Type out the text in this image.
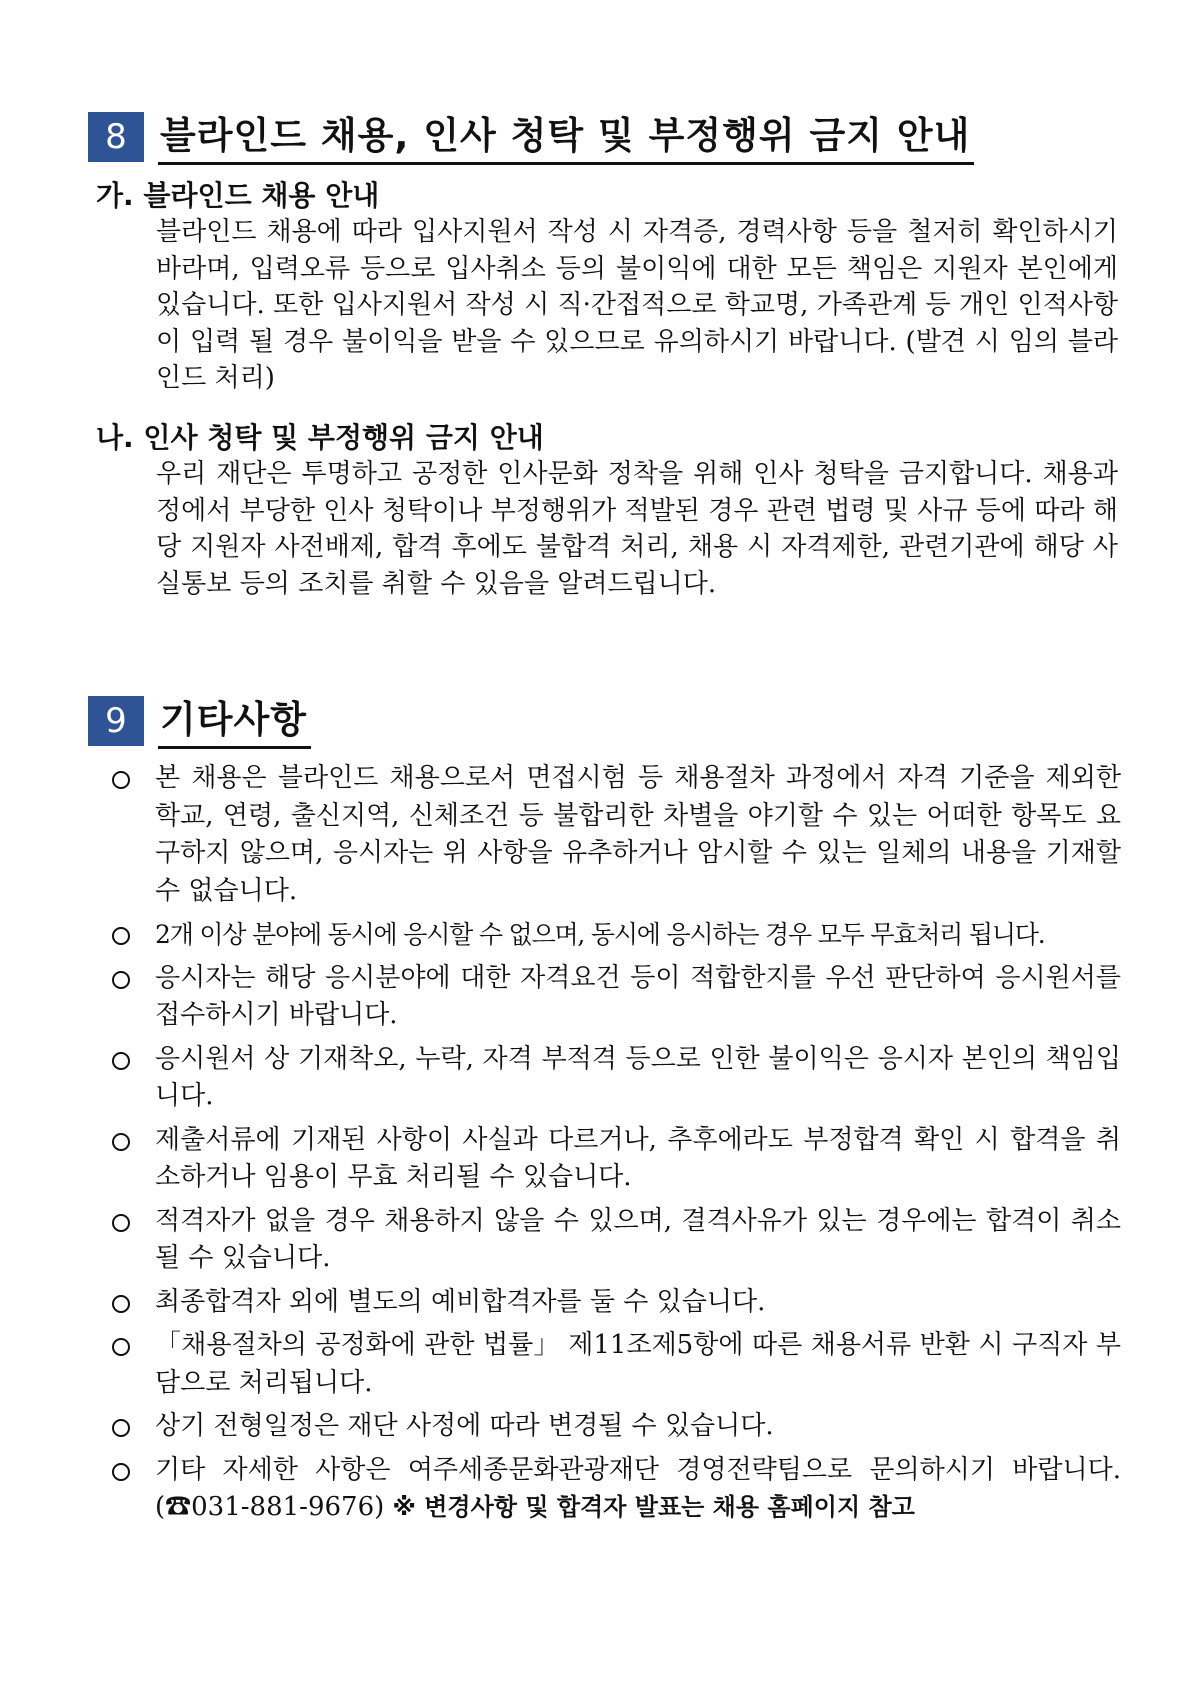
8 블라인드 채용, 인사 청탁 및 부정행위 금지 안내
가. 블라인드 채용 안내
블라인드 채용에 따라 입사지원서 작성 시 자격증, 경력사항 등을 철저히 확인하시기 바라며, 입력오류 등으로 입사취소 등의 불이익에 대한 모든 책임은 지원자 본인에게 있습니다. 또한 입사지원서 작성 시 직·간접적으로 학교명, 가족관계 등 개인 인적사항이 입력 될 경우 불이익을 받을 수 있으므로 유의하시기 바랍니다. (발견 시 임의 블라인드 처리)
나. 인사 청탁 및 부정행위 금지 안내
우리 재단은 투명하고 공정한 인사문화 정착을 위해 인사 청탁을 금지합니다. 채용과정에서 부당한 인사 청탁이나 부정행위가 적발된 경우 관련 법령 및 사규 등에 따라 해당 지원자 사전배제, 합격 후에도 불합격 처리, 채용 시 자격제한, 관련기관에 해당 사실통보 등의 조치를 취할 수 있음을 알려드립니다.
9 기타사항
본 채용은 블라인드 채용으로서 면접시험 등 채용절차 과정에서 자격 기준을 제외한 학교, 연령, 출신지역, 신체조건 등 불합리한 차별을 야기할 수 있는 어떠한 항목도 요구하지 않으며, 응시자는 위 사항을 유추하거나 암시할 수 있는 일체의 내용을 기재할 수 없습니다.
2개 이상 분야에 동시에 응시할 수 없으며, 동시에 응시하는 경우 모두 무효처리 됩니다.
응시자는 해당 응시분야에 대한 자격요건 등이 적합한지를 우선 판단하여 응시원서를 접수하시기 바랍니다.
응시원서 상 기재착오, 누락, 자격 부적격 등으로 인한 불이익은 응시자 본인의 책임입니다.
제출서류에 기재된 사항이 사실과 다르거나, 추후에라도 부정합격 확인 시 합격을 취소하거나 임용이 무효 처리될 수 있습니다.
적격자가 없을 경우 채용하지 않을 수 있으며, 결격사유가 있는 경우에는 합격이 취소될 수 있습니다.
최종합격자 외에 별도의 예비합격자를 둘 수 있습니다.
「채용절차의 공정화에 관한 법률」 제11조제5항에 따른 채용서류 반환 시 구직자 부담으로 처리됩니다.
상기 전형일정은 재단 사정에 따라 변경될 수 있습니다.
기타 자세한 사항은 여주세종문화관광재단 경영전략팀으로 문의하시기 바랍니다. (☎031-881-9676) ※ 변경사항 및 합격자 발표는 채용 홈페이지 참고
